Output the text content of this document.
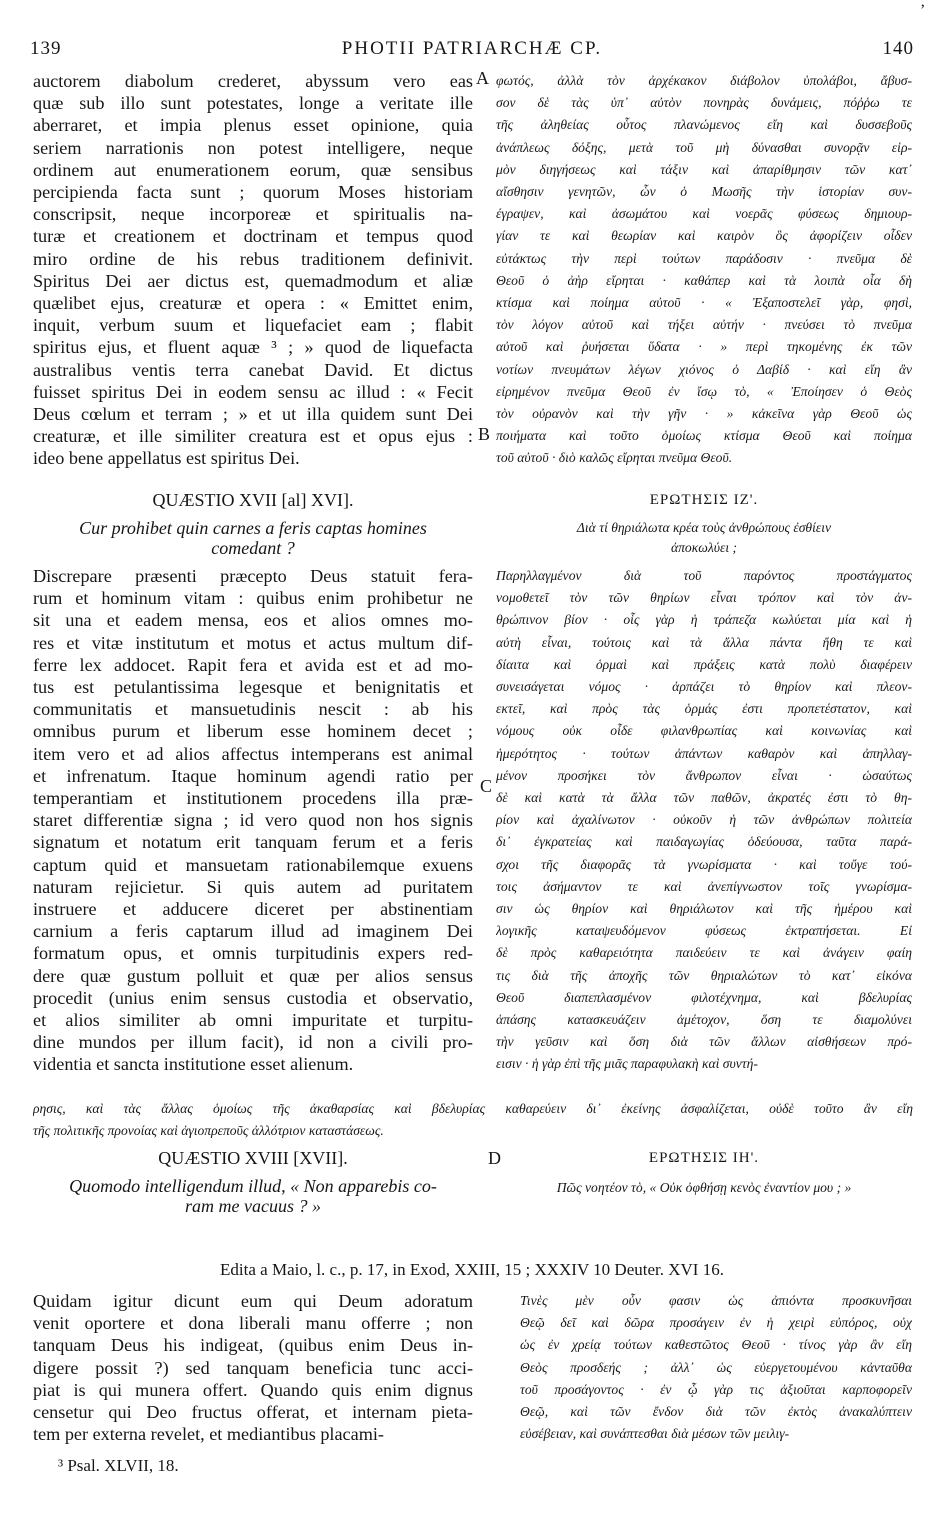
139	PHOTII PATRIARCHÆ CP.	140
auctorem diabolum crederet, abyssum vero eas
quæ sub illo sunt potestates, longe a veritate ille
aberraret, et impia plenus esset opinione, quia
seriem narrationis non potest intelligere, neque
ordinem aut enumerationem eorum, quæ sensibus
percipienda facta sunt ; quorum Moses historiam
conscripsit, neque incorporeæ et spiritualis na-
turæ et creationem et doctrinam et tempus quod
miro ordine de his rebus traditionem definivit.
Spiritus Dei aer dictus est, quemadmodum et aliæ
quælibet ejus, creaturæ et opera : « Emittet enim,
inquit, verbum suum et liquefaciet eam ; flabit
spiritus ejus, et fluent aquæ ³ ; » quod de liquefacta
australibus ventis terra canebat David. Et dictus
fuisset spiritus Dei in eodem sensu ac illud : « Fecit
Deus cœlum et terram ; » et ut illa quidem sunt Dei
creaturæ, et ille similiter creatura est et opus ejus :
ideo bene appellatus est spiritus Dei.
φωτός, ἀλλὰ τὸν ἀρχέκακον διάβολον ὑπολάβοι, ἄβυσ-
σον δὲ τὰς ὑπ᾿ αὐτὸν πονηρὰς δυνάμεις, πόῤῥω τε
τῆς ἀληθείας οὗτος πλανώμενος εἴη καὶ δυσσεβοῦς
ἀνάπλεως δόξης, μετὰ τοῦ μὴ δύνασθαι συνορᾷν εἱρ-
μὸν διηγήσεως καὶ τάξιν καὶ ἀπαρίθμησιν τῶν κατ᾿
αἴσθησιν γενητῶν, ὧν ὁ Μωσῆς τὴν ἱστορίαν συν-
έγραψεν, καὶ ἀσωμάτου καὶ νοερᾶς φύσεως δημιουρ-
γίαν τε καὶ θεωρίαν καὶ καιρὸν ὃς ἀφορίζειν οἶδεν
εὐτάκτως τὴν περὶ τούτων παράδοσιν · πνεῦμα δὲ
Θεοῦ ὁ ἀὴρ εἴρηται · καθάπερ καὶ τὰ λοιπὰ οἷα δὴ
κτίσμα καὶ ποίημα αὐτοῦ · « Ἐξαποστελεῖ γὰρ, φησὶ,
τὸν λόγον αὐτοῦ καὶ τήξει αὐτήν · πνεύσει τὸ πνεῦμα
αὐτοῦ καὶ ῥυήσεται ὕδατα · » περὶ τηκομένης ἐκ τῶν
νοτίων πνευμάτων λέγων χιόνος ὁ Δαβίδ · καὶ εἴη ἂν
εἰρημένον πνεῦμα Θεοῦ ἐν ἴσῳ τὸ, « Ἐποίησεν ὁ Θεὸς
τὸν οὐρανὸν καὶ τὴν γῆν · » κἀκεῖνα γὰρ Θεοῦ ὡς
ποιήματα καὶ τοῦτο ὁμοίως κτίσμα Θεοῦ καὶ ποίημα
τοῦ αὐτοῦ · διὸ καλῶς εἴρηται πνεῦμα Θεοῦ.
A
B
QUÆSTIO XVII [al] XVI].	ΕΡΩΤΗΣΙΣ ΙΖ'.
Cur prohibet quin carnes a feris captas homines
comedant ?
Διὰ τί θηριάλωτα κρέα τοὺς ἀνθρώπους ἐσθίειν
ἀποκωλύει ;
Discrepare præsenti præcepto Deus statuit fera-
rum et hominum vitam : quibus enim prohibetur ne
sit una et eadem mensa, eos et alios omnes mo-
res et vitæ institutum et motus et actus multum dif-
ferre lex addocet. Rapit fera et avida est et ad mo-
tus est petulantissima legesque et benignitatis et
communitatis et mansuetudinis nescit : ab his
omnibus purum et liberum esse hominem decet ;
item vero et ad alios affectus intemperans est animal
et infrenatum. Itaque hominum agendi ratio per
temperantiam et institutionem procedens illa præ-
staret differentiæ signa ; id vero quod non hos signis
signatum et notatum erit tanquam ferum et a feris
captum quid et mansuetam rationabilemque exuens
naturam rejicietur. Si quis autem ad puritatem
instruere et adducere diceret per abstinentiam
carnium a feris captarum illud ad imaginem Dei
formatum opus, et omnis turpitudinis expers red-
dere quæ gustum polluit et quæ per alios sensus
procedit (unius enim sensus custodia et observatio,
et alios similiter ab omni impuritate et turpitu-
dine mundos per illum facit), id non a civili pro-
videntia et sancta institutione esset alienum.
Παρηλλαγμένον διὰ τοῦ παρόντος προστάγματος
νομοθετεῖ τὸν τῶν θηρίων εἶναι τρόπον καὶ τὸν ἀν-
θρώπινον βίον · οἷς γὰρ ἡ τράπεζα κωλύεται μία καὶ ἡ
αὐτὴ εἶναι, τούτοις καὶ τὰ ἄλλα πάντα ἤθη τε καὶ
δίαιτα καὶ ὁρμαὶ καὶ πράξεις κατὰ πολὺ διαφέρειν
συνεισάγεται νόμος · ἁρπάζει τὸ θηρίον καὶ πλεον-
εκτεῖ, καὶ πρὸς τὰς ὁρμάς ἐστι προπετέστατον, καὶ
νόμους οὐκ οἶδε φιλανθρωπίας καὶ κοινωνίας καὶ
ἡμερότητος · τούτων ἁπάντων καθαρὸν καὶ ἀπηλλαγ-
μένον προσήκει τὸν ἄνθρωπον εἶναι · ὡσαύτως
δὲ καὶ κατὰ τὰ ἄλλα τῶν παθῶν, ἀκρατές ἐστι τὸ θη-
ρίον καὶ ἀχαλίνωτον · οὐκοῦν ἡ τῶν ἀνθρώπων πολιτεία
δι᾿ ἐγκρατείας καὶ παιδαγωγίας ὁδεύουσα, ταῦτα παρά-
σχοι τῆς διαφορᾶς τὰ γνωρίσματα · καὶ τοὔγε τού-
τοις ἀσήμαντον τε καὶ ἀνεπίγνωστον τοῖς γνωρίσμα-
σιν ὡς θηρίον καὶ θηριάλωτον καὶ τῆς ἡμέρου καὶ
λογικῆς καταψευδόμενον φύσεως ἐκτραπήσεται. Εἰ
δὲ πρὸς καθαρειότητα παιδεύειν τε καὶ ἀνάγειν φαίη
τις διὰ τῆς ἀποχῆς τῶν θηριαλώτων τὸ κατ᾿ εἰκόνα
Θεοῦ διαπεπλασμένον φιλοτέχνημα, καὶ βδελυρίας
ἁπάσης κατασκευάζειν ἀμέτοχον, ὅση τε διαμολύνει
τὴν γεῦσιν καὶ ὅση διὰ τῶν ἄλλων αἰσθήσεων πρό-
εισιν · ἡ γὰρ ἐπὶ τῆς μιᾶς παραφυλακὴ καὶ συντή-
C
ρησις, καὶ τὰς ἄλλας ὁμοίως τῆς ἀκαθαρσίας καὶ βδελυρίας καθαρεύειν δι᾿ ἐκείνης ἀσφαλίζεται, οὐδὲ τοῦτο ἂν εἴη
τῆς πολιτικῆς προνοίας καὶ ἁγιοπρεποῦς ἀλλότριον καταστάσεως.
QUÆSTIO XVIII [XVII].	D	ΕΡΩΤΗΣΙΣ ΙΗ'.
Quomodo intelligendum illud, « Non apparebis co-
ram me vacuus ? »
Πῶς νοητέον τὸ, « Οὐκ ὀφθήσῃ κενὸς ἐναντίον μου ; »
Edita a Maio, l. c., p. 17, in Exod, XXIII, 15 ; XXXIV 10 Deuter. XVI 16.
Quidam igitur dicunt eum qui Deum adoratum
venit oportere et dona liberali manu offerre ; non
tanquam Deus his indigeat, (quibus enim Deus in-
digere possit ?) sed tanquam beneficia tunc acci-
piat is qui munera offert. Quando quis enim dignus
censetur qui Deo fructus offerat, et internam pieta-
tem per externa revelet, et mediantibus placami-
Τινὲς μὲν οὖν φασιν ὡς ἀπιόντα προσκυνῆσαι
Θεῷ δεῖ καὶ δῶρα προσάγειν ἐν ἡ χειρὶ εὐπόρος, οὐχ
ὡς ἐν χρείᾳ τούτων καθεστῶτος Θεοῦ · τίνος γὰρ ἂν εἴη
Θεὸς προσδεής ; ἀλλ᾿ ὡς εὐεργετουμένου κἀνταῦθα
τοῦ προσάγοντος · ἐν ᾧ γὰρ τις ἀξιοῦται καρποφορεῖν
Θεῷ, καὶ τῶν ἔνδον διὰ τῶν ἐκτὸς ἀνακαλύπτειν
εὐσέβειαν, καὶ συνάπτεσθαι διὰ μέσων τῶν μειλιγ-
³ Psal. XLVII, 18.
’
